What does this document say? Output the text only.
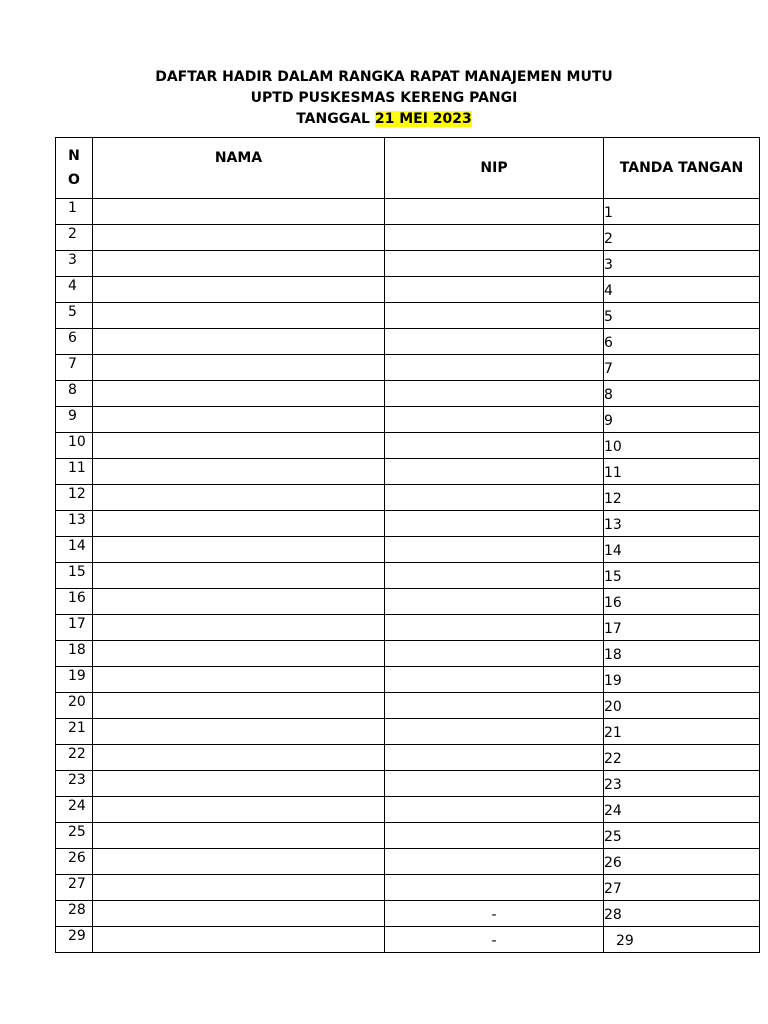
DAFTAR HADIR DALAM RANGKA RAPAT MANAJEMEN MUTU
UPTD PUSKESMAS KERENG PANGI
TANGGAL 21 MEI 2023
N
O	NAMA	NIP	TANDA TANGAN
1			1
2			2
3			3
4			4
5			5
6			6
7			7
8			8
9			9
10			10
11			11
12			12
13			13
14			14
15			15
16			16
17			17
18			18
19			19
20			20
21			21
22			22
23			23
24			24
25			25
26			26
27			27
28		-	28
29		-	29
